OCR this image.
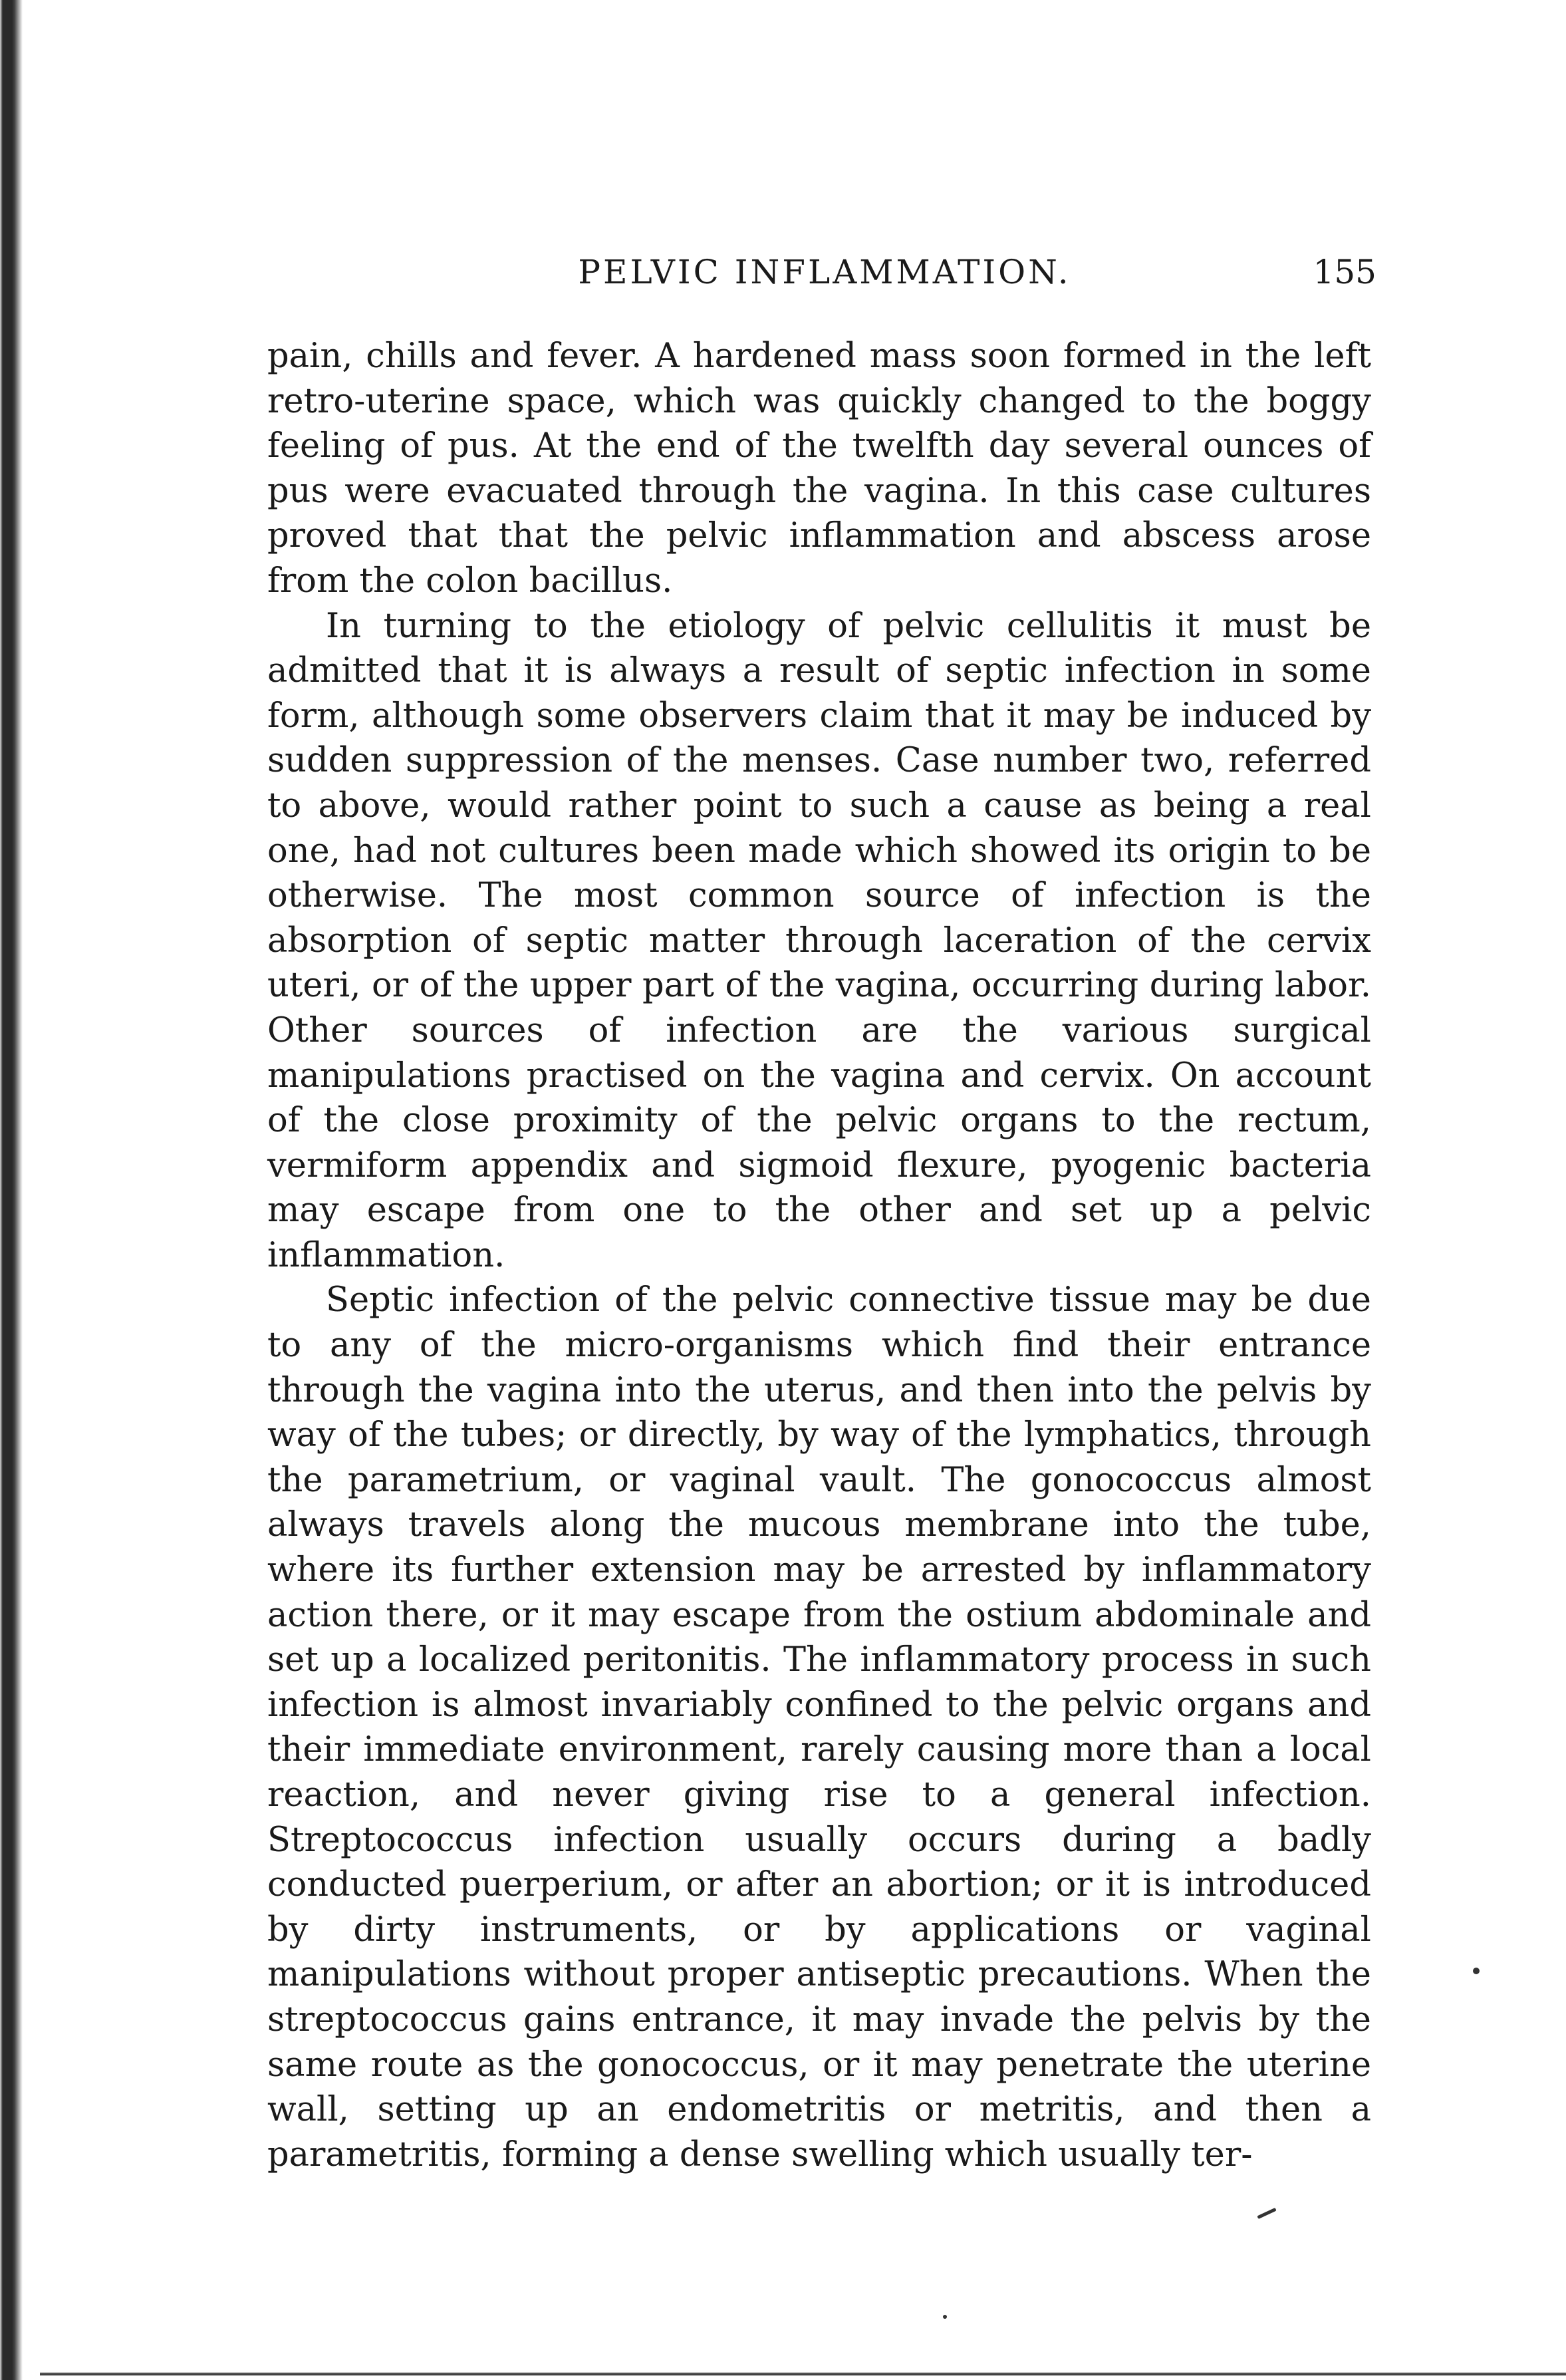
PELVIC INFLAMMATION.	155

pain, chills and fever. A hardened mass soon formed in the left retro-uterine space, which was quickly changed to the boggy feeling of pus. At the end of the twelfth day several ounces of pus were evacuated through the vagina. In this case cultures proved that that the pelvic inflammation and abscess arose from the colon bacillus.

In turning to the etiology of pelvic cellulitis it must be admitted that it is always a result of septic infection in some form, although some observers claim that it may be induced by sudden suppression of the menses. Case number two, referred to above, would rather point to such a cause as being a real one, had not cultures been made which showed its origin to be otherwise. The most common source of infection is the absorption of septic matter through laceration of the cervix uteri, or of the upper part of the vagina, occurring during labor. Other sources of infection are the various surgical manipulations practised on the vagina and cervix. On account of the close proximity of the pelvic organs to the rectum, vermiform appendix and sigmoid flexure, pyogenic bacteria may escape from one to the other and set up a pelvic inflammation.

Septic infection of the pelvic connective tissue may be due to any of the micro-organisms which find their entrance through the vagina into the uterus, and then into the pelvis by way of the tubes; or directly, by way of the lymphatics, through the parametrium, or vaginal vault. The gonococcus almost always travels along the mucous membrane into the tube, where its further extension may be arrested by inflammatory action there, or it may escape from the ostium abdominale and set up a localized peritonitis. The inflammatory process in such infection is almost invariably confined to the pelvic organs and their immediate environment, rarely causing more than a local reaction, and never giving rise to a general infection. Streptococcus infection usually occurs during a badly conducted puerperium, or after an abortion; or it is introduced by dirty instruments, or by applications or vaginal manipulations without proper antiseptic precautions. When the streptococcus gains entrance, it may invade the pelvis by the same route as the gonococcus, or it may penetrate the uterine wall, setting up an endometritis or metritis, and then a parametritis, forming a dense swelling which usually ter-
